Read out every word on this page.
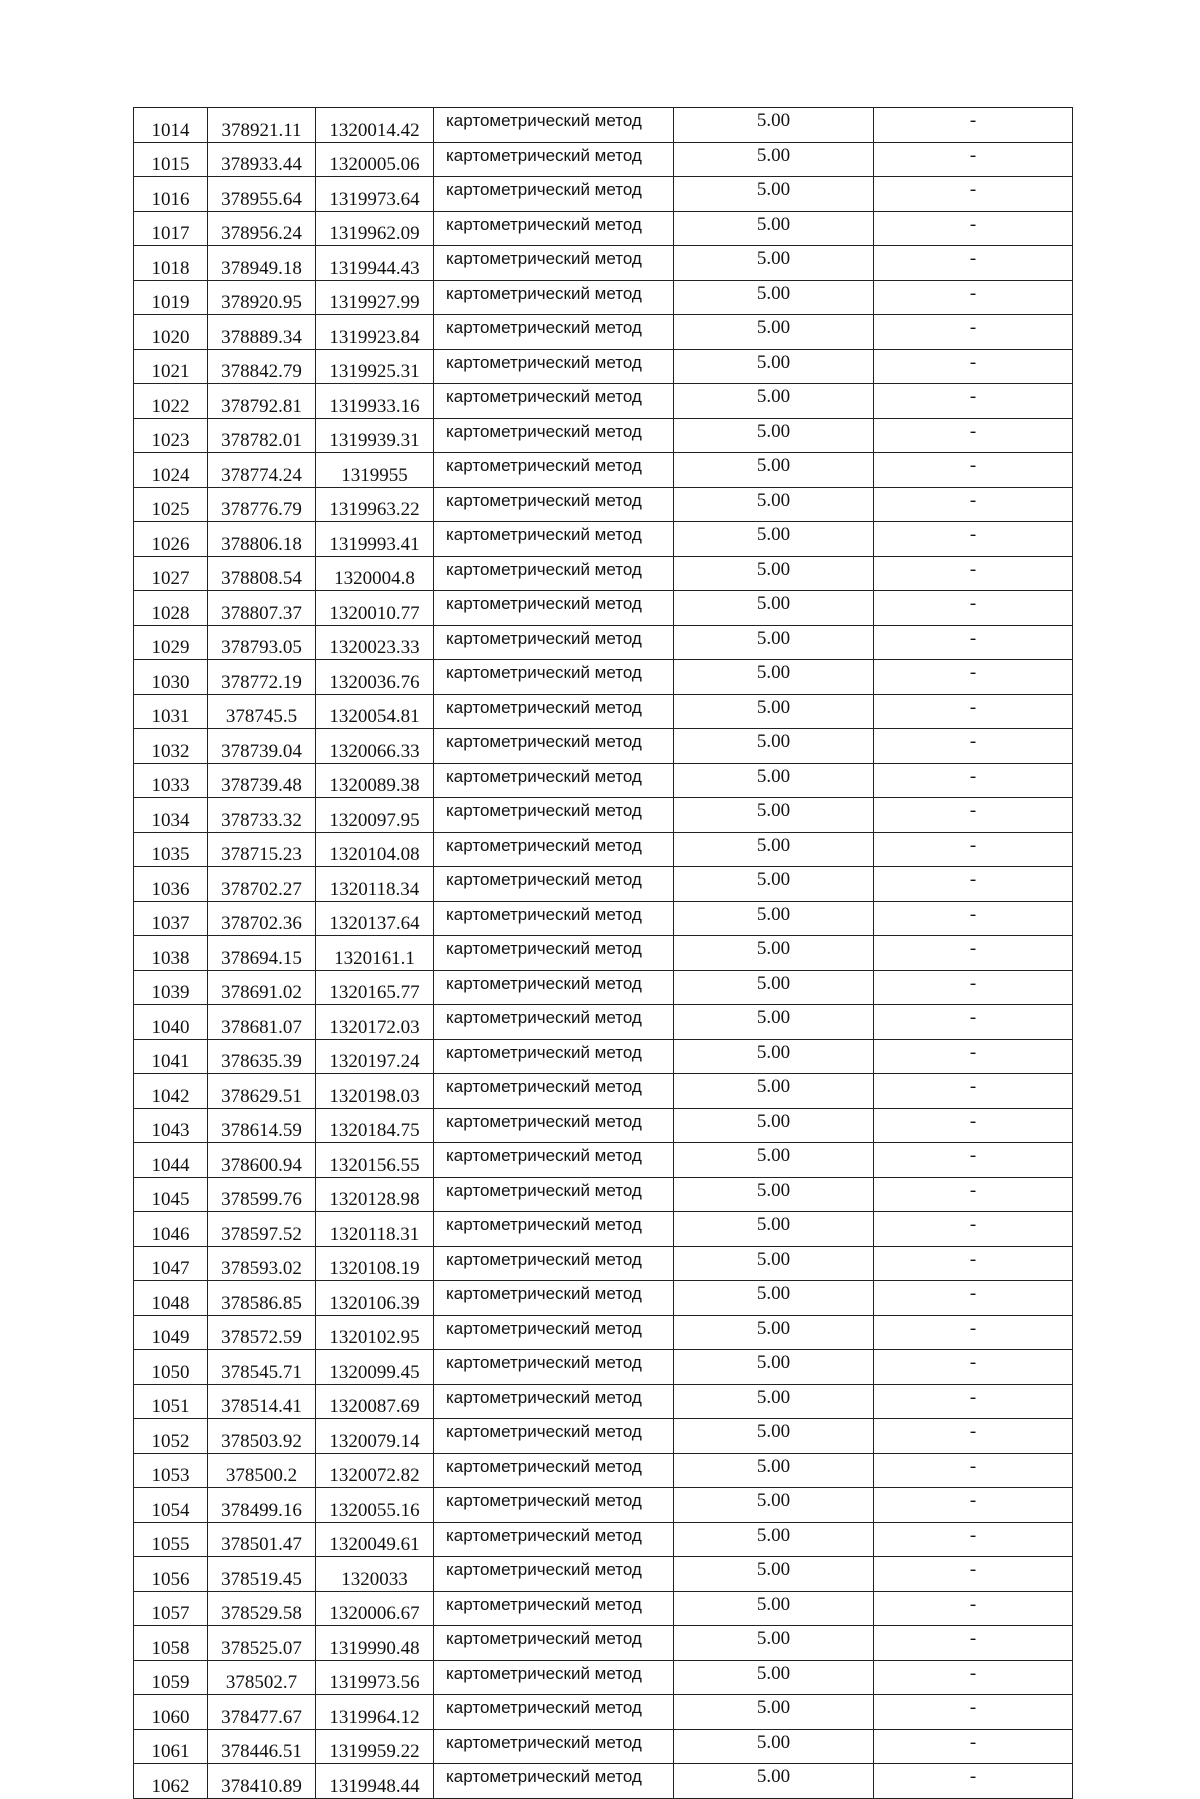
1014	378921.11	1320014.42	картометрический метод	5.00	-
1015	378933.44	1320005.06	картометрический метод	5.00	-
1016	378955.64	1319973.64	картометрический метод	5.00	-
1017	378956.24	1319962.09	картометрический метод	5.00	-
1018	378949.18	1319944.43	картометрический метод	5.00	-
1019	378920.95	1319927.99	картометрический метод	5.00	-
1020	378889.34	1319923.84	картометрический метод	5.00	-
1021	378842.79	1319925.31	картометрический метод	5.00	-
1022	378792.81	1319933.16	картометрический метод	5.00	-
1023	378782.01	1319939.31	картометрический метод	5.00	-
1024	378774.24	1319955	картометрический метод	5.00	-
1025	378776.79	1319963.22	картометрический метод	5.00	-
1026	378806.18	1319993.41	картометрический метод	5.00	-
1027	378808.54	1320004.8	картометрический метод	5.00	-
1028	378807.37	1320010.77	картометрический метод	5.00	-
1029	378793.05	1320023.33	картометрический метод	5.00	-
1030	378772.19	1320036.76	картометрический метод	5.00	-
1031	378745.5	1320054.81	картометрический метод	5.00	-
1032	378739.04	1320066.33	картометрический метод	5.00	-
1033	378739.48	1320089.38	картометрический метод	5.00	-
1034	378733.32	1320097.95	картометрический метод	5.00	-
1035	378715.23	1320104.08	картометрический метод	5.00	-
1036	378702.27	1320118.34	картометрический метод	5.00	-
1037	378702.36	1320137.64	картометрический метод	5.00	-
1038	378694.15	1320161.1	картометрический метод	5.00	-
1039	378691.02	1320165.77	картометрический метод	5.00	-
1040	378681.07	1320172.03	картометрический метод	5.00	-
1041	378635.39	1320197.24	картометрический метод	5.00	-
1042	378629.51	1320198.03	картометрический метод	5.00	-
1043	378614.59	1320184.75	картометрический метод	5.00	-
1044	378600.94	1320156.55	картометрический метод	5.00	-
1045	378599.76	1320128.98	картометрический метод	5.00	-
1046	378597.52	1320118.31	картометрический метод	5.00	-
1047	378593.02	1320108.19	картометрический метод	5.00	-
1048	378586.85	1320106.39	картометрический метод	5.00	-
1049	378572.59	1320102.95	картометрический метод	5.00	-
1050	378545.71	1320099.45	картометрический метод	5.00	-
1051	378514.41	1320087.69	картометрический метод	5.00	-
1052	378503.92	1320079.14	картометрический метод	5.00	-
1053	378500.2	1320072.82	картометрический метод	5.00	-
1054	378499.16	1320055.16	картометрический метод	5.00	-
1055	378501.47	1320049.61	картометрический метод	5.00	-
1056	378519.45	1320033	картометрический метод	5.00	-
1057	378529.58	1320006.67	картометрический метод	5.00	-
1058	378525.07	1319990.48	картометрический метод	5.00	-
1059	378502.7	1319973.56	картометрический метод	5.00	-
1060	378477.67	1319964.12	картометрический метод	5.00	-
1061	378446.51	1319959.22	картометрический метод	5.00	-
1062	378410.89	1319948.44	картометрический метод	5.00	-
